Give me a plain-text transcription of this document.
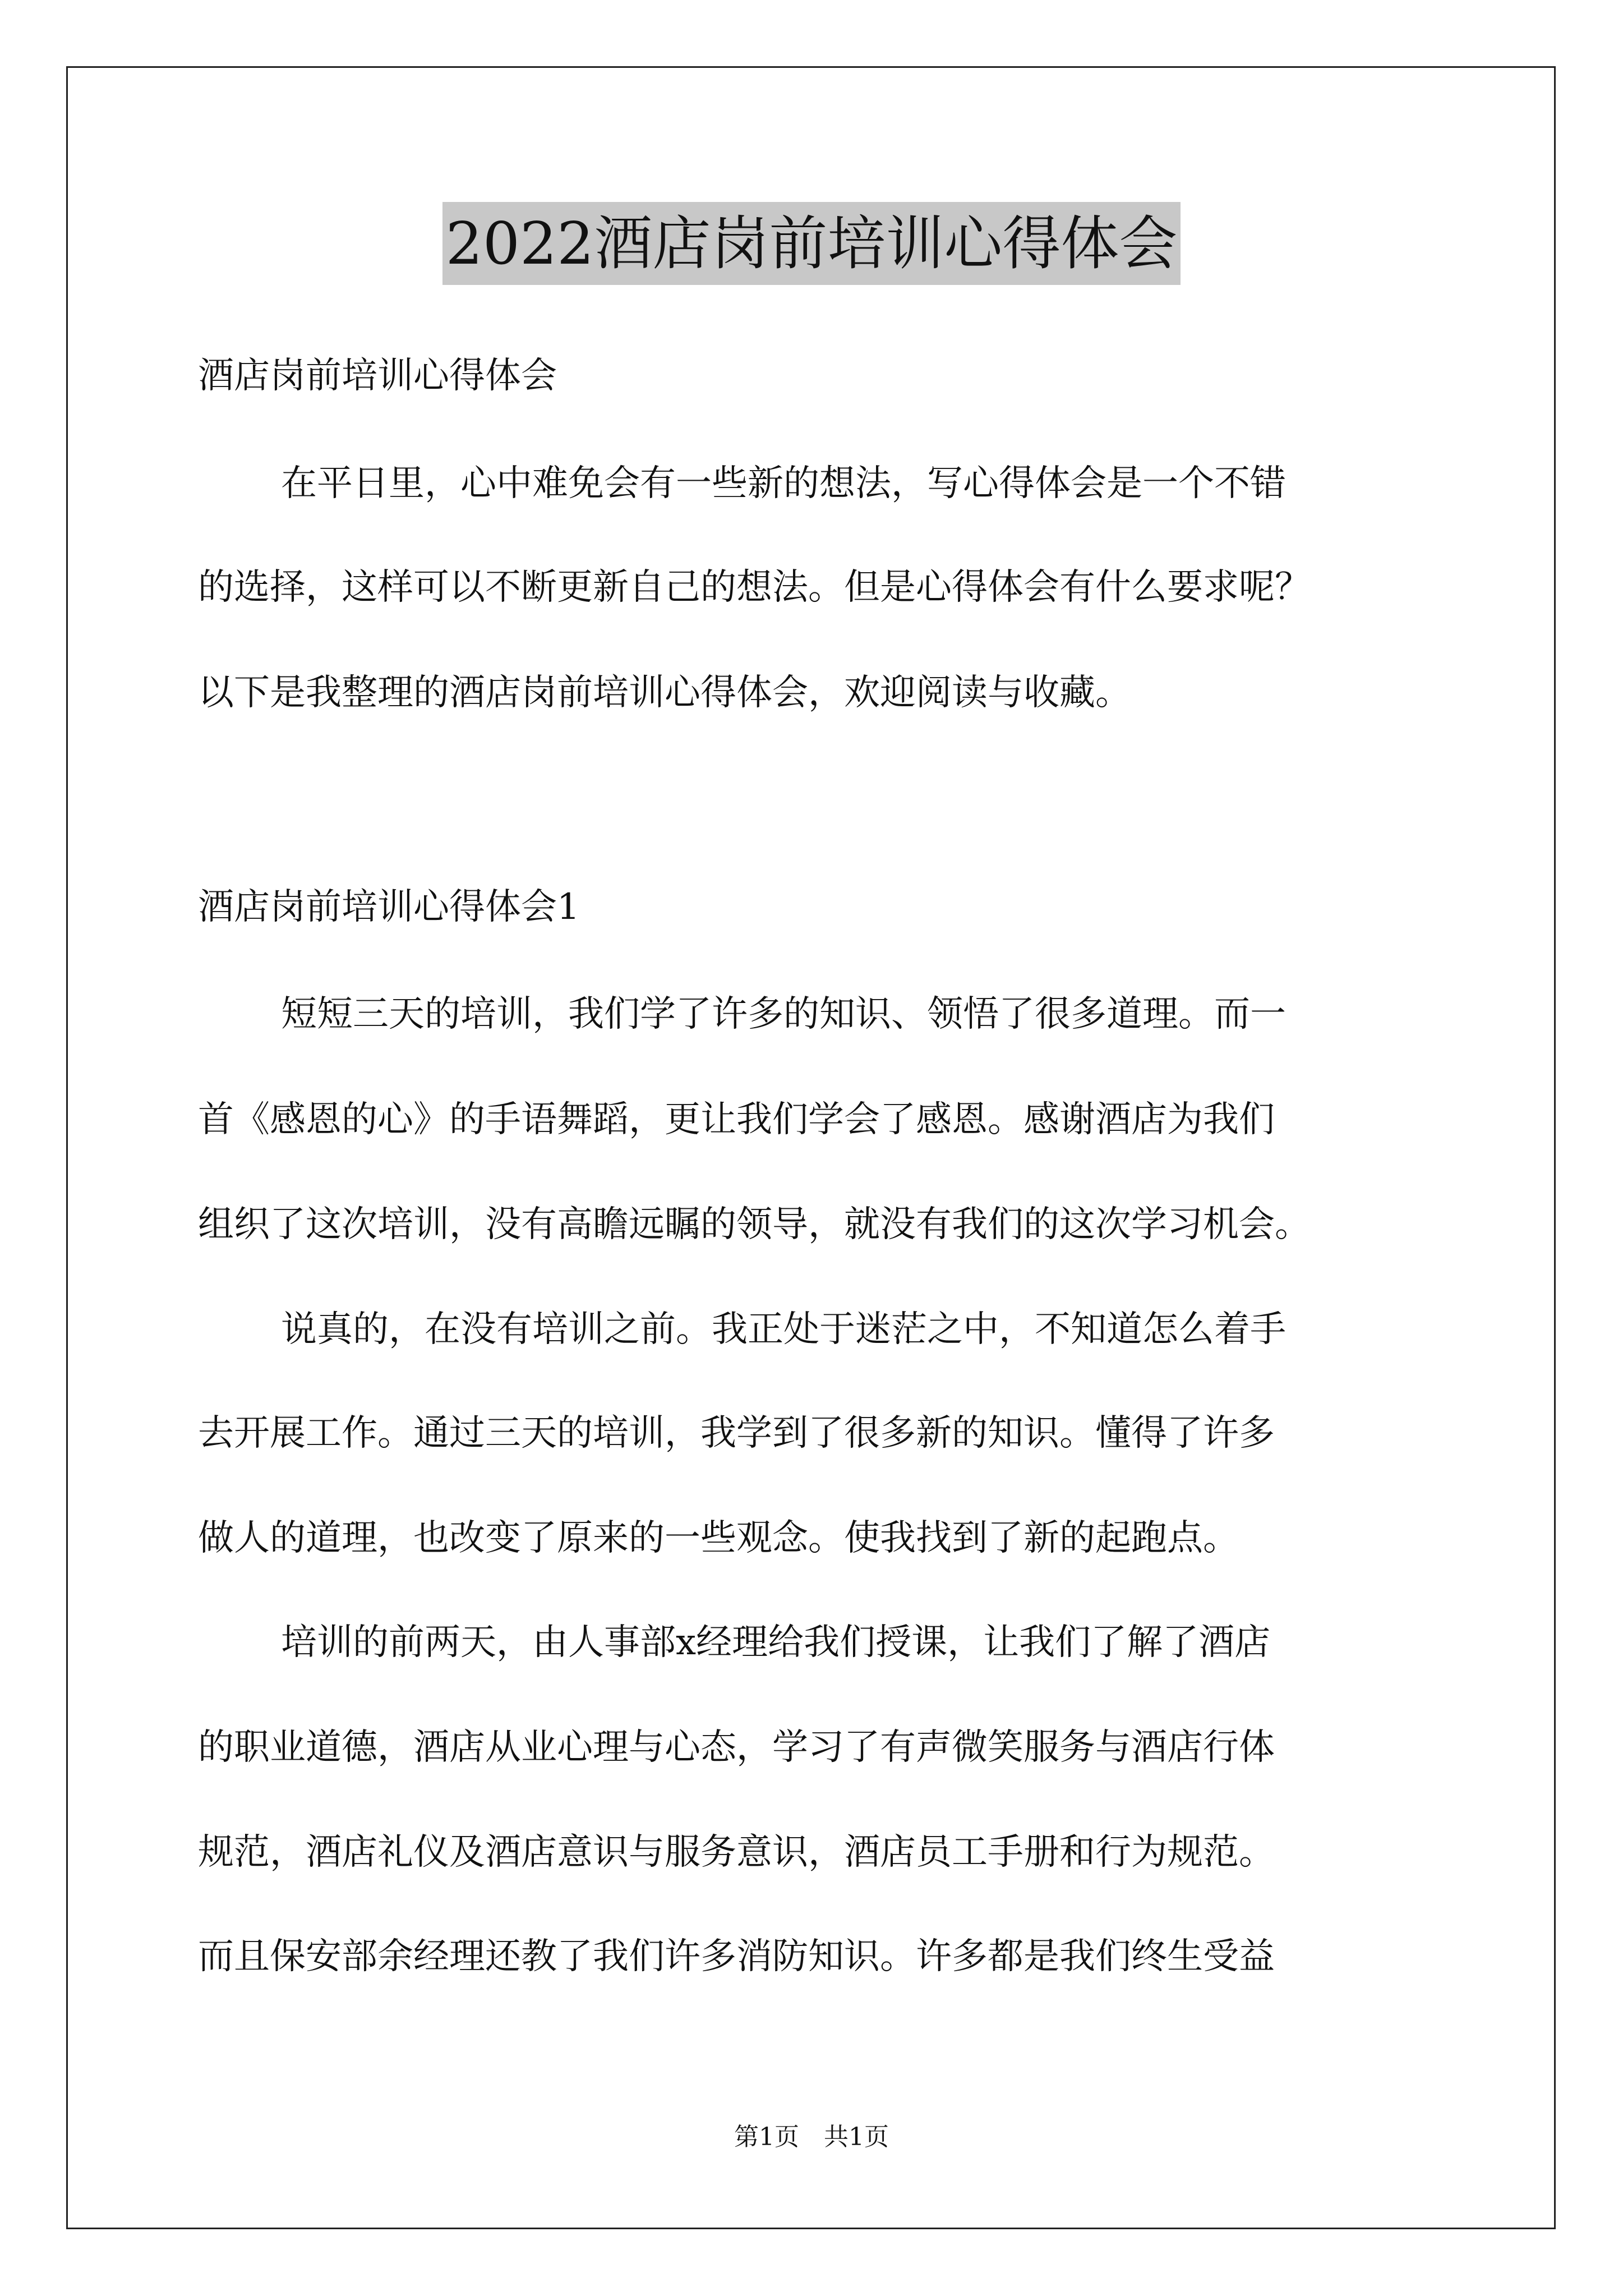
2022酒店岗前培训心得体会
酒店岗前培训心得体会
在平日里，心中难免会有一些新的想法，写心得体会是一个不错
的选择，这样可以不断更新自己的想法。但是心得体会有什么要求呢？
以下是我整理的酒店岗前培训心得体会，欢迎阅读与收藏。
酒店岗前培训心得体会1
短短三天的培训，我们学了许多的知识、领悟了很多道理。而一
首《感恩的心》的手语舞蹈，更让我们学会了感恩。感谢酒店为我们
组织了这次培训，没有高瞻远瞩的领导，就没有我们的这次学习机会。
说真的，在没有培训之前。我正处于迷茫之中，不知道怎么着手
去开展工作。通过三天的培训，我学到了很多新的知识。懂得了许多
做人的道理，也改变了原来的一些观念。使我找到了新的起跑点。
培训的前两天，由人事部x经理给我们授课，让我们了解了酒店
的职业道德，酒店从业心理与心态，学习了有声微笑服务与酒店行体
规范，酒店礼仪及酒店意识与服务意识，酒店员工手册和行为规范。
而且保安部余经理还教了我们许多消防知识。许多都是我们终生受益
第1页　共1页
